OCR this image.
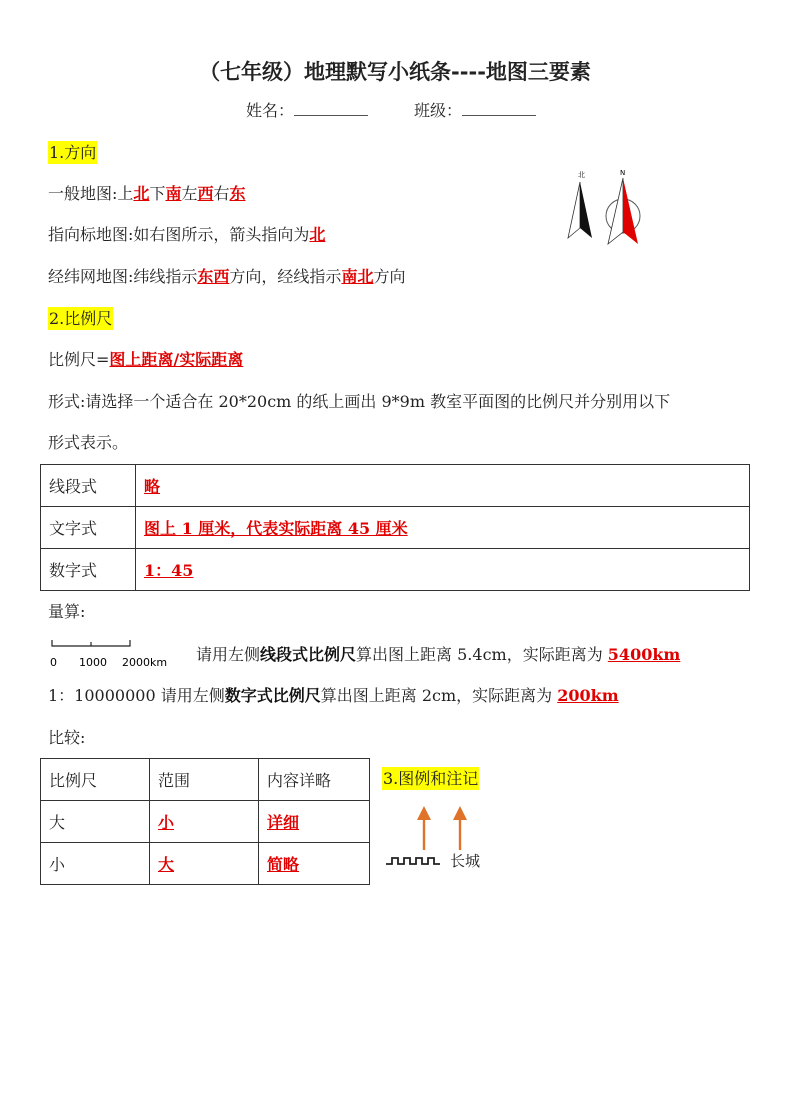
（七年级）地理默写小纸条----地图三要素
姓名：	班级：
1.方向
一般地图:上北下南左西右东
指向标地图:如右图所示，箭头指向为北
经纬网地图:纬线指示东西方向，经线指示南北方向
北	N
2.比例尺
比例尺=图上距离/实际距离
形式:请选择一个适合在 20*20cm 的纸上画出 9*9m 教室平面图的比例尺并分别用以下
形式表示。
线段式	略
文字式	图上 1 厘米，代表实际距离 45 厘米
数字式	1：45
量算:
0 1000 2000km 请用左侧线段式比例尺算出图上距离 5.4cm，实际距离为 5400km
1：10000000 请用左侧数字式比例尺算出图上距离 2cm，实际距离为 200km
比较:
比例尺	范围	内容详略
大	小	详细
小	大	简略
3.图例和注记
长城
